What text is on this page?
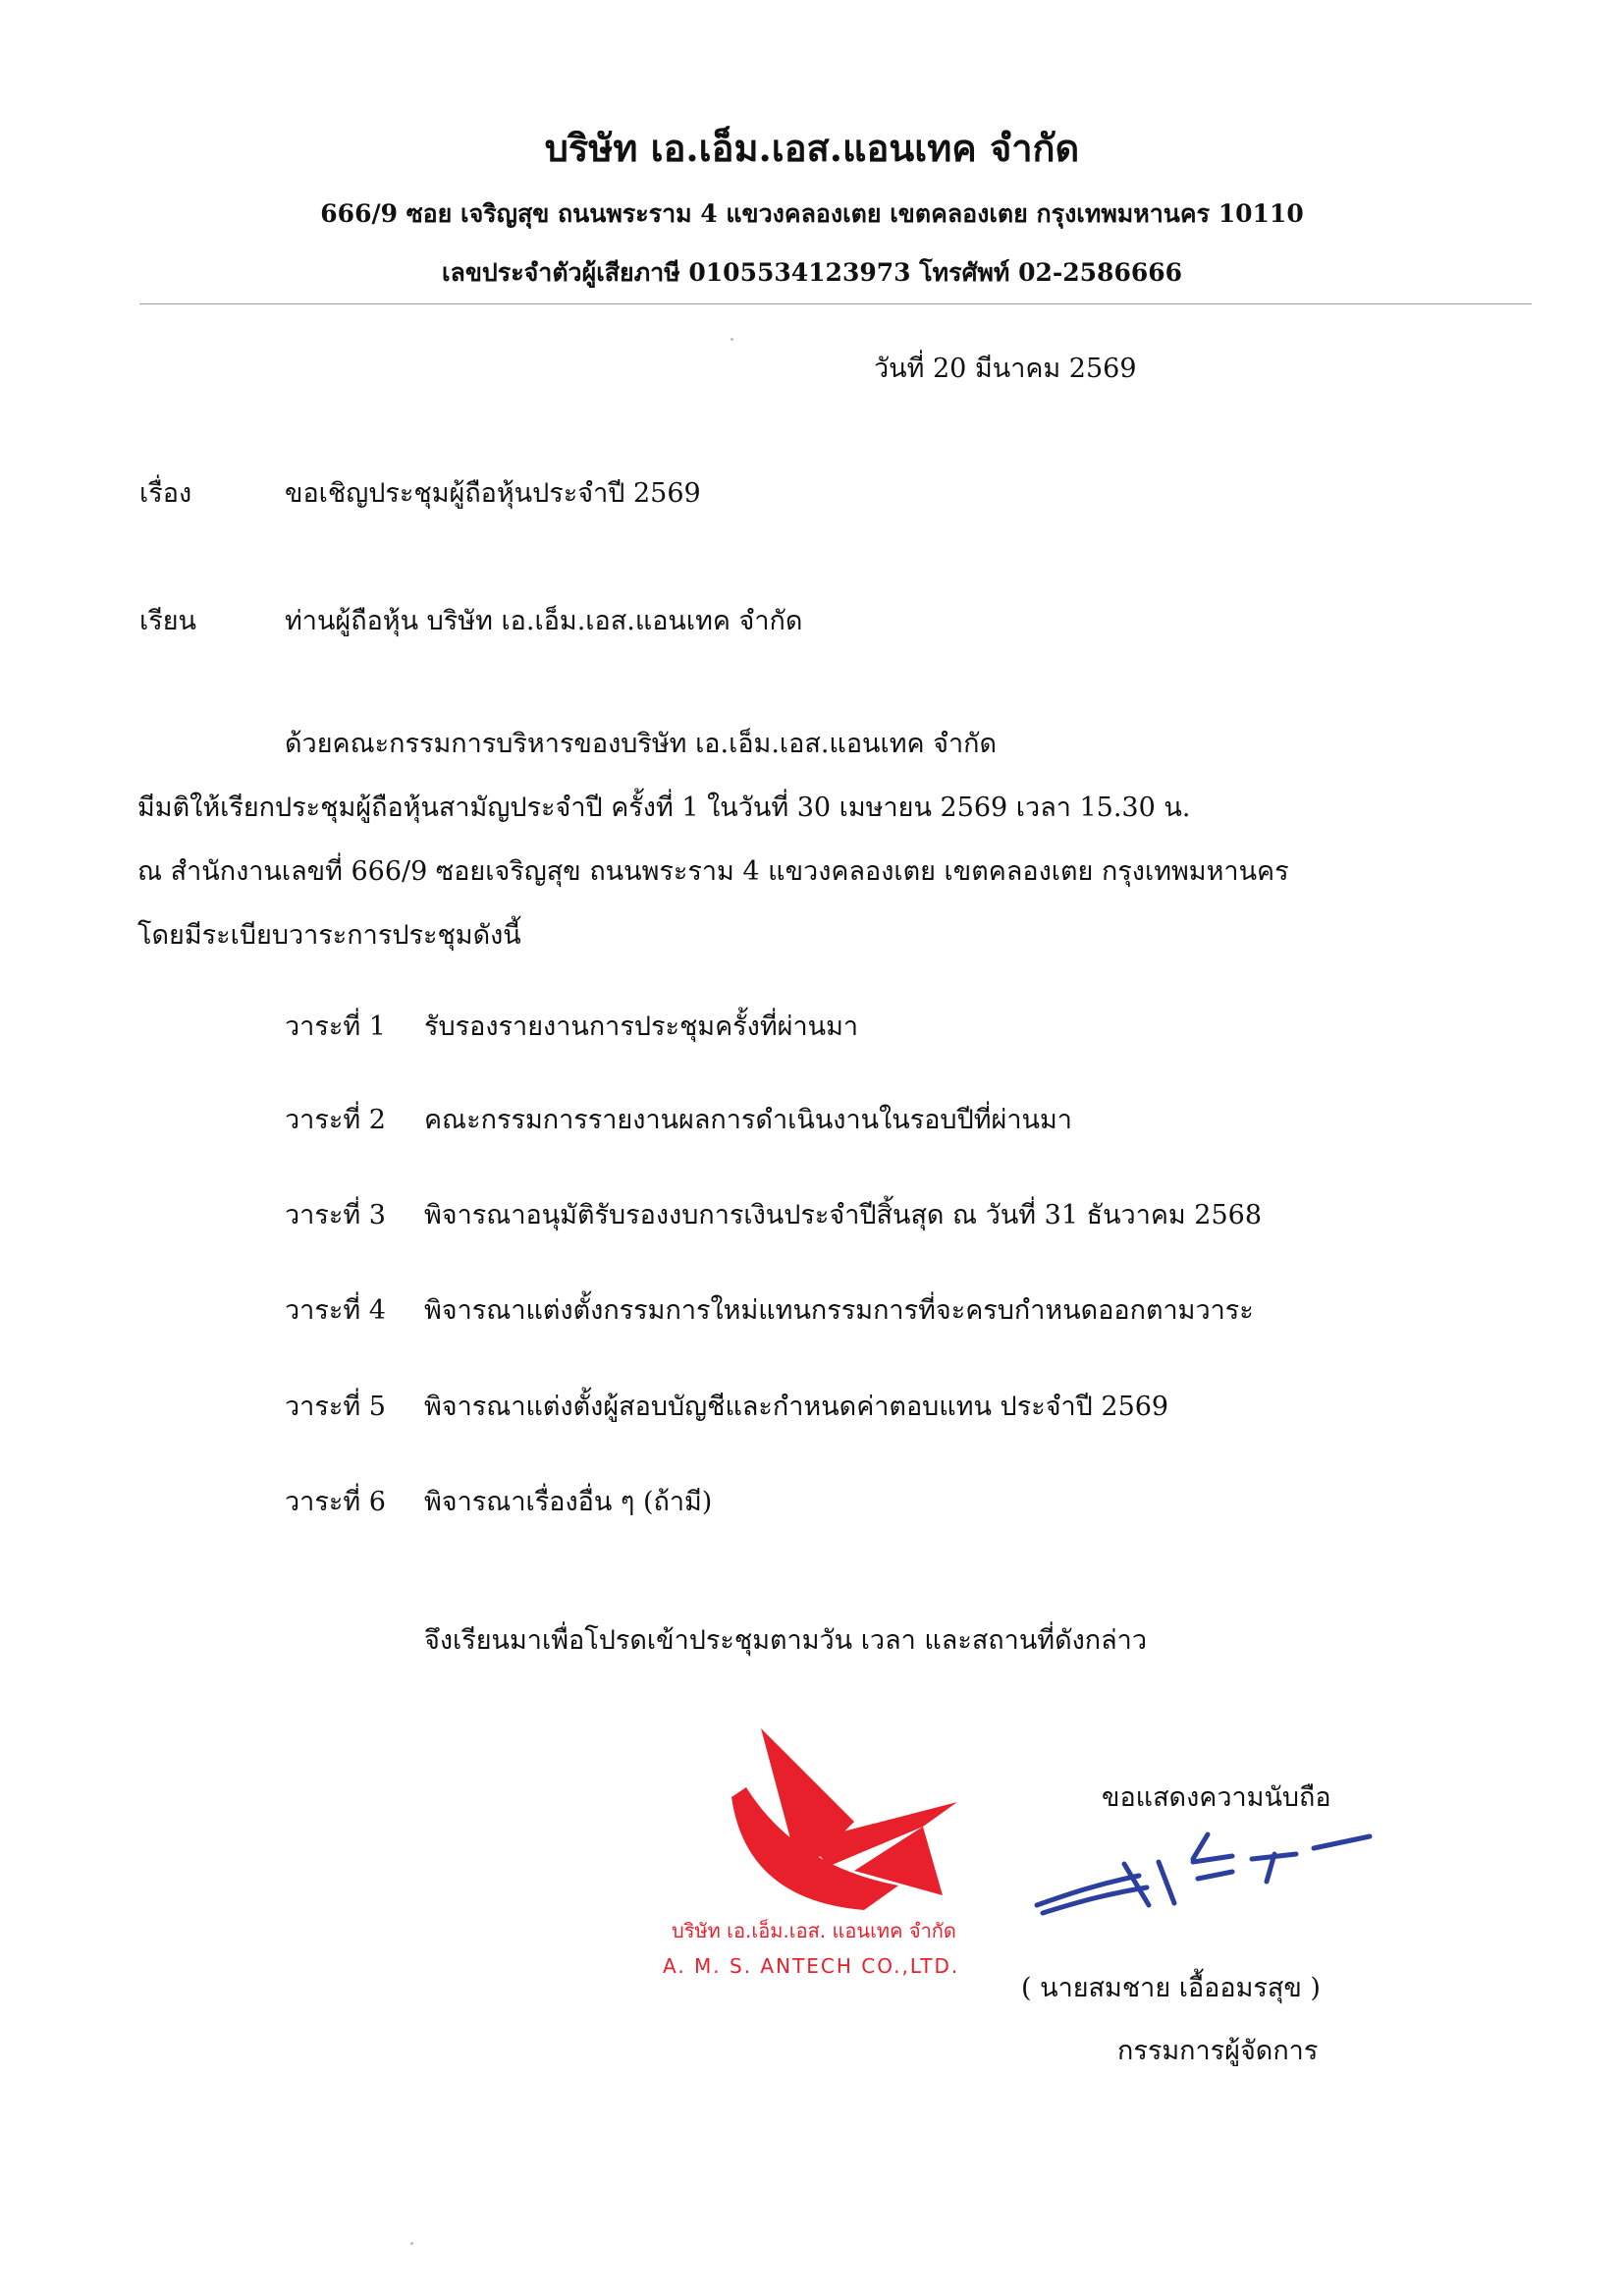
บริษัท เอ.เอ็ม.เอส.แอนเทค จำกัด
666/9 ซอย เจริญสุข ถนนพระราม 4 แขวงคลองเตย เขตคลองเตย กรุงเทพมหานคร 10110
เลขประจำตัวผู้เสียภาษี 0105534123973 โทรศัพท์ 02-2586666
วันที่ 20 มีนาคม 2569
เรื่อง	ขอเชิญประชุมผู้ถือหุ้นประจำปี 2569
เรียน	ท่านผู้ถือหุ้น บริษัท เอ.เอ็ม.เอส.แอนเทค จำกัด
ด้วยคณะกรรมการบริหารของบริษัท เอ.เอ็ม.เอส.แอนเทค จำกัด
มีมติให้เรียกประชุมผู้ถือหุ้นสามัญประจำปี ครั้งที่ 1 ในวันที่ 30 เมษายน 2569 เวลา 15.30 น.
ณ สำนักงานเลขที่ 666/9 ซอยเจริญสุข ถนนพระราม 4 แขวงคลองเตย เขตคลองเตย กรุงเทพมหานคร
โดยมีระเบียบวาระการประชุมดังนี้
วาระที่ 1 รับรองรายงานการประชุมครั้งที่ผ่านมา
วาระที่ 2 คณะกรรมการรายงานผลการดำเนินงานในรอบปีที่ผ่านมา
วาระที่ 3 พิจารณาอนุมัติรับรองงบการเงินประจำปีสิ้นสุด ณ วันที่ 31 ธันวาคม 2568
วาระที่ 4 พิจารณาแต่งตั้งกรรมการใหม่แทนกรรมการที่จะครบกำหนดออกตามวาระ
วาระที่ 5 พิจารณาแต่งตั้งผู้สอบบัญชีและกำหนดค่าตอบแทน ประจำปี 2569
วาระที่ 6 พิจารณาเรื่องอื่น ๆ (ถ้ามี)
จึงเรียนมาเพื่อโปรดเข้าประชุมตามวัน เวลา และสถานที่ดังกล่าว
ขอแสดงความนับถือ
บริษัท เอ.เอ็ม.เอส. แอนเทค จำกัด
A. M. S. ANTECH CO.,LTD.
( นายสมชาย เอื้ออมรสุข )
กรรมการผู้จัดการ
